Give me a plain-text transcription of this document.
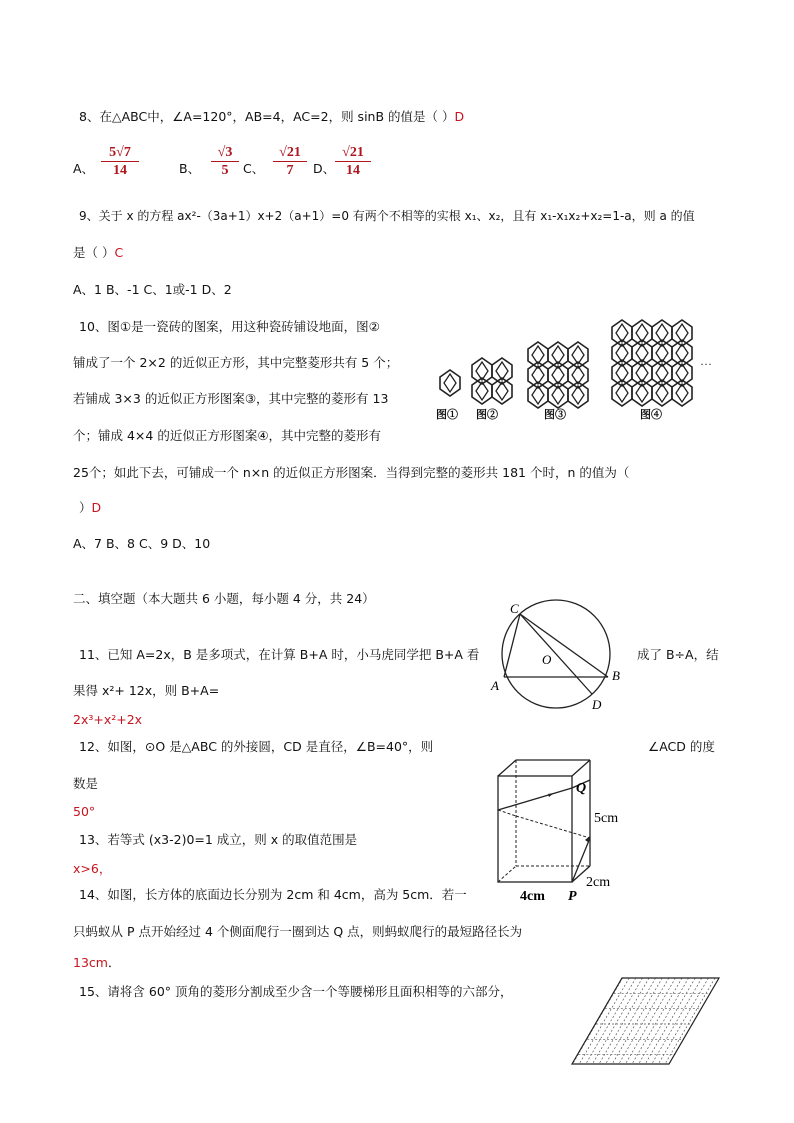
8、在△ABC中，∠A=120°，AB=4，AC=2，则 sinB 的值是（ ）D
A、 $\frac{5√7}{14}$	B、 $\frac{√3}{5}$ C、 $\frac{√21}{7}$ D、 $\frac{√21}{14}$
9、关于 x 的方程 ax²-（3a+1）x+2（a+1）=0 有两个不相等的实根 x₁、x₂，且有 x₁-x₁x₂+x₂=1-a，则 a 的值
是（ ）C
A、1 B、-1 C、1或-1 D、2
10、图①是一瓷砖的图案，用这种瓷砖铺设地面，图②
铺成了一个 2×2 的近似正方形，其中完整菱形共有 5 个；
若铺成 3×3 的近似正方形图案③，其中完整的菱形有 13
个；铺成 4×4 的近似正方形图案④，其中完整的菱形有
25个；如此下去，可铺成一个 n×n 的近似正方形图案．当得到完整的菱形共 181 个时，n 的值为（
）D
A、7 B、8 C、9 D、10
···
图① 图②	图③	图④
二、填空题（本大题共 6 小题，每小题 4 分，共 24）
C
O
A
B
D
11、已知 A=2x，B 是多项式，在计算 B+A 时，小马虎同学把 B+A 看	成了 B÷A，结
果得 x²+ 12x，则 B+A=
2x³+x²+2x
12、如图，⊙O 是△ABC 的外接圆，CD 是直径，∠B=40°，则	∠ACD 的度
数是
50°
Q
5cm
2cm
4cm P
13、若等式 (x3-2)0=1 成立，则 x 的取值范围是
x>6，
14、如图，长方体的底面边长分别为 2cm 和 4cm，高为 5cm．若一
只蚂蚁从 P 点开始经过 4 个侧面爬行一圈到达 Q 点，则蚂蚁爬行的最短路径长为
13cm．
15、请将含 60° 顶角的菱形分割成至少含一个等腰梯形且面积相等的六部分，
